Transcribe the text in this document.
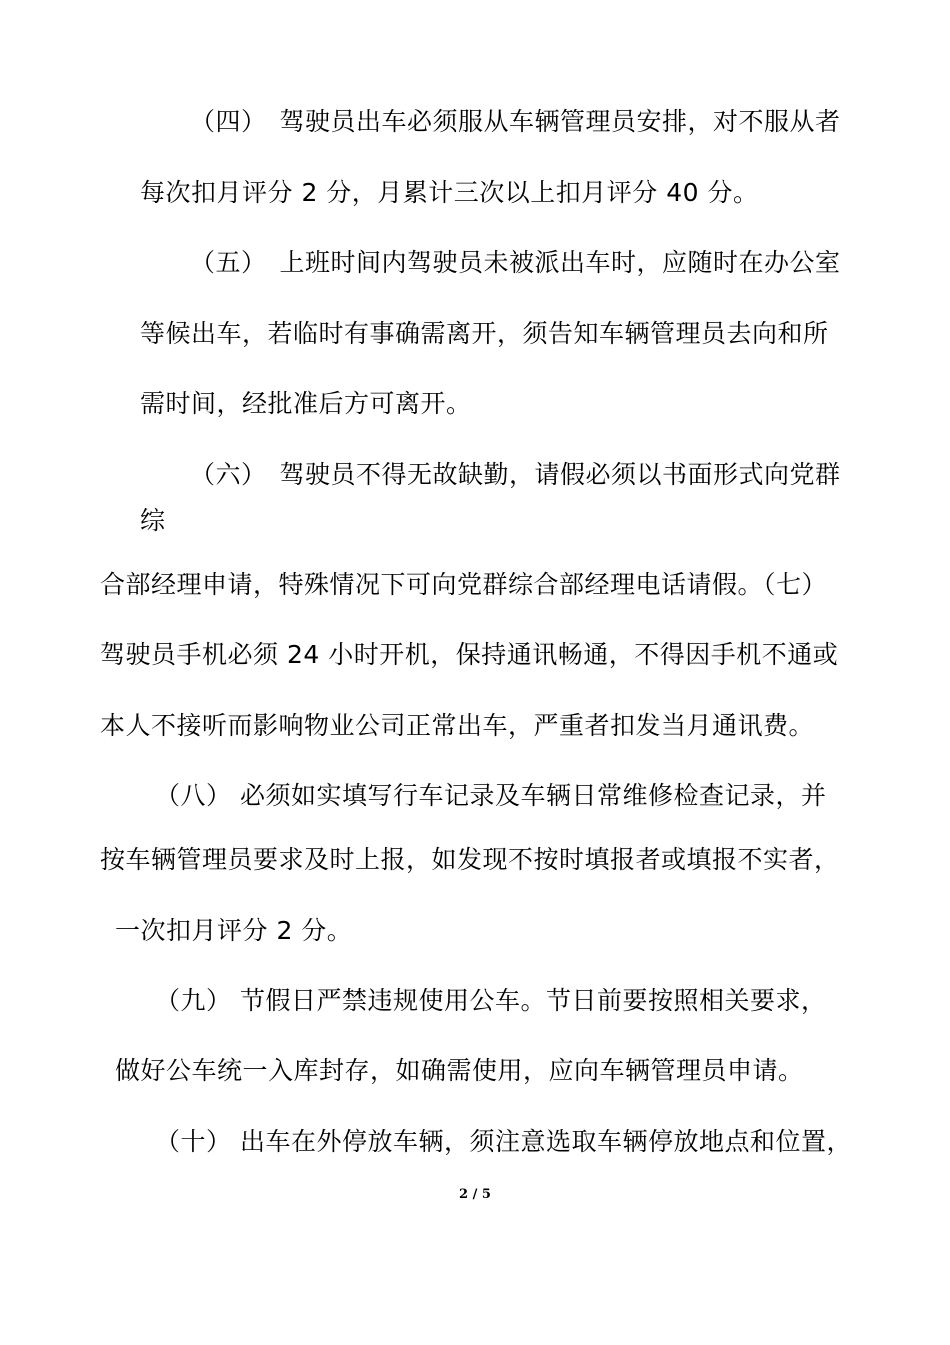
（四）　驾驶员出车必须服从车辆管理员安排，对不服从者
每次扣月评分 2 分，月累计三次以上扣月评分 40 分。
（五）　上班时间内驾驶员未被派出车时，应随时在办公室
等候出车，若临时有事确需离开，须告知车辆管理员去向和所
需时间，经批准后方可离开。
（六）　驾驶员不得无故缺勤，请假必须以书面形式向党群
综
合部经理申请，特殊情况下可向党群综合部经理电话请假。（七）
驾驶员手机必须 24 小时开机，保持通讯畅通，不得因手机不通或
本人不接听而影响物业公司正常出车，严重者扣发当月通讯费。
（八） 必须如实填写行车记录及车辆日常维修检查记录，并
按车辆管理员要求及时上报，如发现不按时填报者或填报不实者，
一次扣月评分 2 分。
（九） 节假日严禁违规使用公车。节日前要按照相关要求，
做好公车统一入库封存，如确需使用，应向车辆管理员申请。
（十） 出车在外停放车辆，须注意选取车辆停放地点和位置，
2 / 5
